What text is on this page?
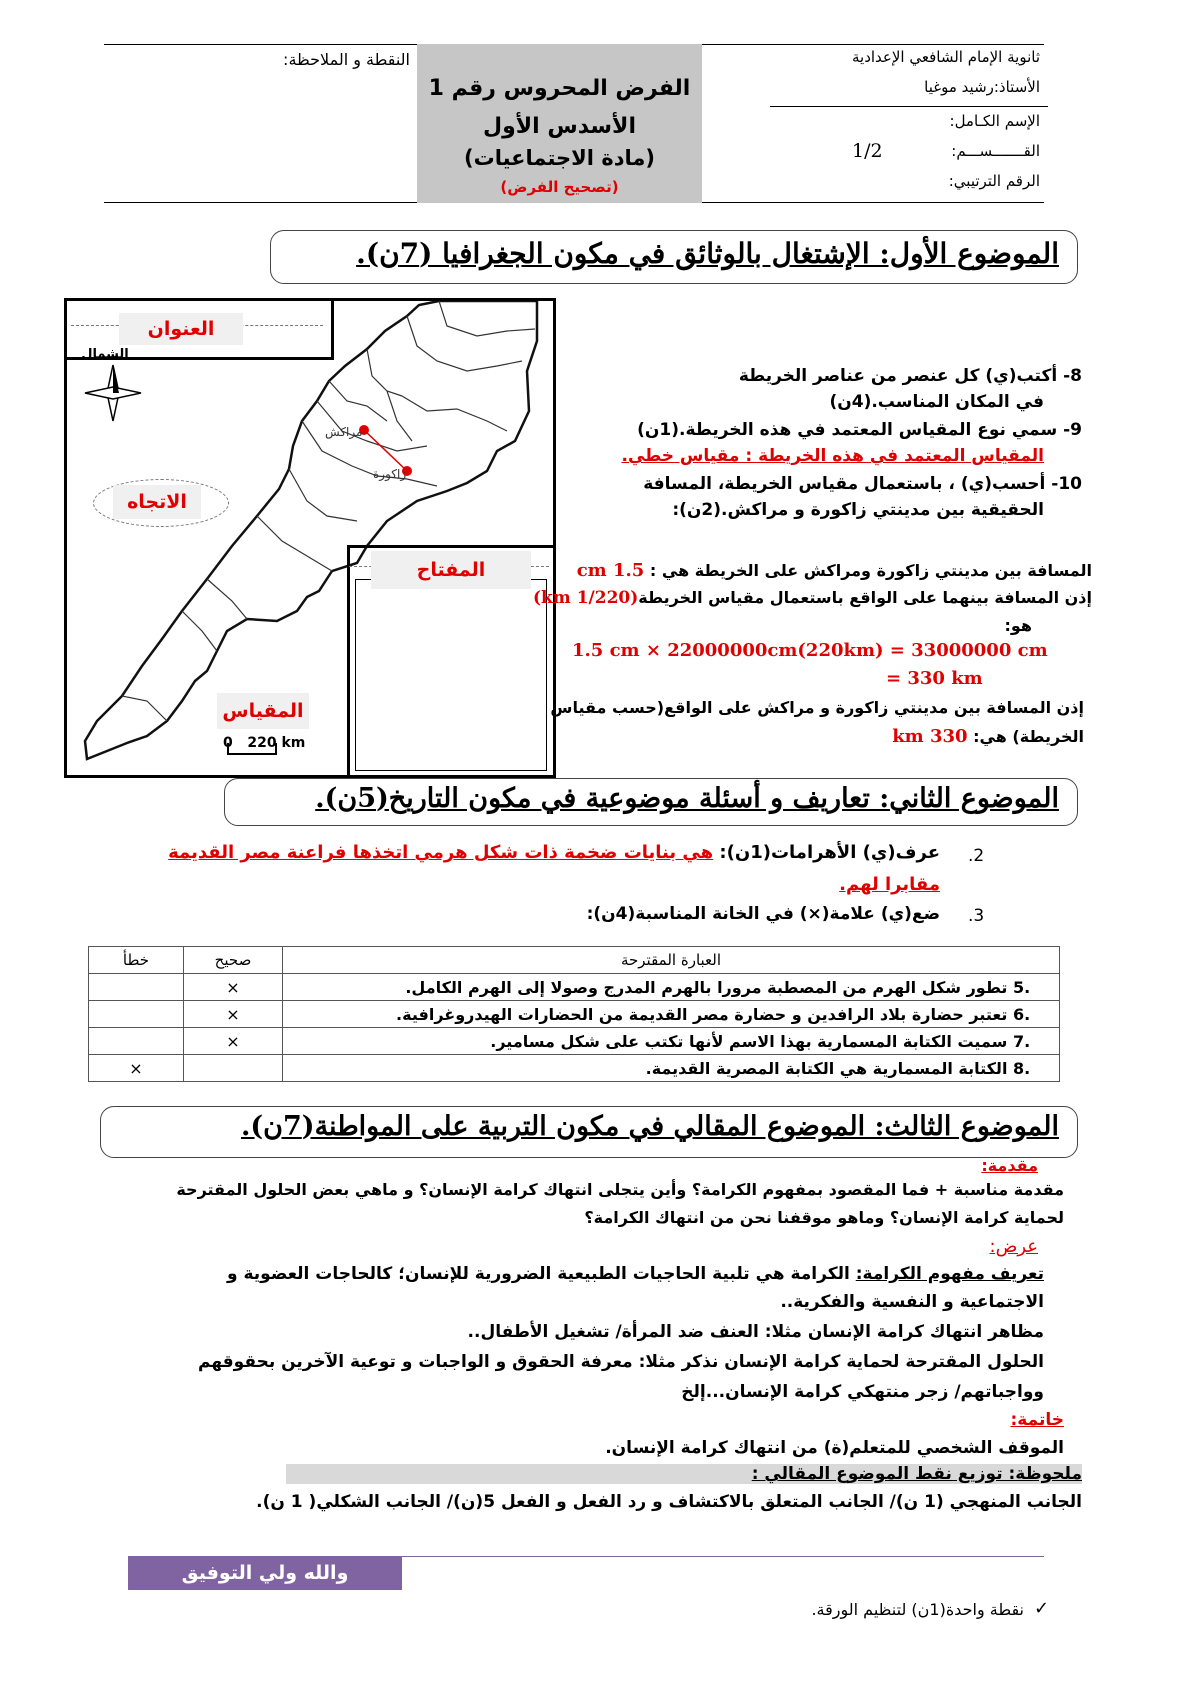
ثانوية الإمام الشافعي الإعدادية
الأستاذ:رشيد موغيا
الإسم الكـامل:
القـــــــســـم:
1/2
الرقم الترتيبي:
الفرض المحروس رقم 1
الأسدس الأول
(مادة الاجتماعيات)
(تصحيح الفرض)
النقطة و الملاحظة:
الموضوع الأول: الإشتغال بالوثائق في مكون الجغرافيا (7ن).
العنوان
الشمال
مراكش
زاكورة
الاتجاه
المفتاح
المقياس
0   220 km
8- أكتب(ي) كل عنصر من عناصر الخريطة
في المكان المناسب.(4ن)
9- سمي نوع المقياس المعتمد في هذه الخريطة.(1ن)
المقياس المعتمد في هذه الخريطة : مقياس خطي.
10- أحسب(ي) ، باستعمال مقياس الخريطة، المسافة
الحقيقية بين مدينتي زاكورة و مراكش.(2ن):
المسافة بين مدينتي زاكورة ومراكش على الخريطة هي : 1.5 cm
إذن المسافة بينهما على الواقع باستعمال مقياس الخريطة(1/220 km)
هو:
1.5 cm × 22000000cm(220km) = 33000000 cm
= 330 km
إذن المسافة بين مدينتي زاكورة و مراكش على الواقع(حسب مقياس
الخريطة) هي: 330 km
الموضوع الثاني: تعاريف و أسئلة موضوعية في مكون التاريخ(5ن).
.2
عرف(ي) الأهرامات(1ن): هي بنايات ضخمة ذات شكل هرمي اتخذها فراعنة مصر القديمة
مقابرا لهم.
.3
ضع(ي) علامة(×) في الخانة المناسبة(4ن):
العبارة المقترحة	صحيح	خطأ
.5 تطور شكل الهرم من المصطبة مرورا بالهرم المدرج وصولا إلى الهرم الكامل.	×	
.6 تعتبر حضارة بلاد الرافدين و حضارة مصر القديمة من الحضارات الهيدروغرافية.	×	
.7 سميت الكتابة المسمارية بهذا الاسم لأنها تكتب على شكل مسامير.	×	
.8 الكتابة المسمارية هي الكتابة المصرية القديمة.		×
الموضوع الثالث: الموضوع المقالي في مكون التربية على المواطنة(7ن).
مقدمة:
مقدمة مناسبة + فما المقصود بمفهوم الكرامة؟ وأين يتجلى انتهاك كرامة الإنسان؟ و ماهي بعض الحلول المقترحة
لحماية كرامة الإنسان؟ وماهو موقفنا نحن من انتهاك الكرامة؟
عرض:
تعريف مفهوم الكرامة: الكرامة هي تلبية الحاجيات الطبيعية الضرورية للإنسان؛ كالحاجات العضوية و
الاجتماعية و النفسية والفكرية..
مظاهر انتهاك كرامة الإنسان مثلا: العنف ضد المرأة/ تشغيل الأطفال..
الحلول المقترحة لحماية كرامة الإنسان نذكر مثلا: معرفة الحقوق و الواجبات و توعية الآخرين بحقوقهم
وواجباتهم/ زجر منتهكي كرامة الإنسان...إلخ
خاتمة:
الموقف الشخصي للمتعلم(ة) من انتهاك كرامة الإنسان.
ملحوظة: توزيع نقط الموضوع المقالي :
الجانب المنهجي (1 ن)/ الجانب المتعلق بالاكتشاف و رد الفعل و الفعل 5(ن)/ الجانب الشكلي( 1 ن).
والله ولي التوفيق
نقطة واحدة(1ن) لتنظيم الورقة. ✓
